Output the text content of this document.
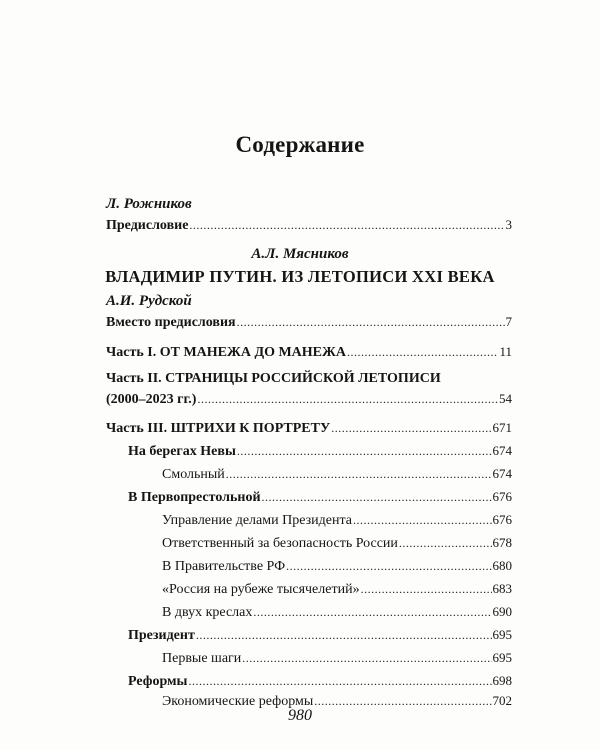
Содержание
Л. Рожников
Предисловие .....	3
А.Л. Мясников
ВЛАДИМИР ПУТИН. ИЗ ЛЕТОПИСИ XXI ВЕКА
А.И. Рудской
Вместо предисловия .....	7
Часть I. ОТ МАНЕЖА ДО МАНЕЖА .....	11
Часть II. СТРАНИЦЫ РОССИЙСКОЙ ЛЕТОПИСИ
(2000–2023 гг.) .....	54
Часть III. ШТРИХИ К ПОРТРЕТУ .....	671
На берегах Невы .....	674
Смольный .....	674
В Первопрестольной .....	676
Управление делами Президента .....	676
Ответственный за безопасность России .....	678
В Правительстве РФ .....	680
«Россия на рубеже тысячелетий» .....	683
В двух креслах .....	690
Президент .....	695
Первые шаги .....	695
Реформы .....	698
Экономические реформы .....	702
980
